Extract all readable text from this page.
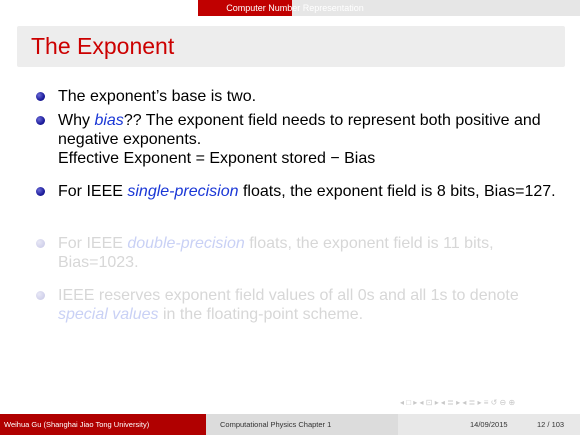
Computer Number Representation
The Exponent
The exponent’s base is two.
Why bias?? The exponent field needs to represent both positive and negative exponents.
Effective Exponent = Exponent stored − Bias
For IEEE single-precision floats, the exponent field is 8 bits, Bias=127.
For IEEE double-precision floats, the exponent field is 11 bits, Bias=1023.
IEEE reserves exponent field values of all 0s and all 1s to denote special values in the floating-point scheme.
◂ □ ▸ ◂ ⊡ ▸ ◂ ≣ ▸ ◂ ≣ ▸ ≡ ↺ ⊖ ⊕
Weihua Gu (Shanghai Jiao Tong University)	Computational Physics Chapter 1	14/09/2015	12 / 103
